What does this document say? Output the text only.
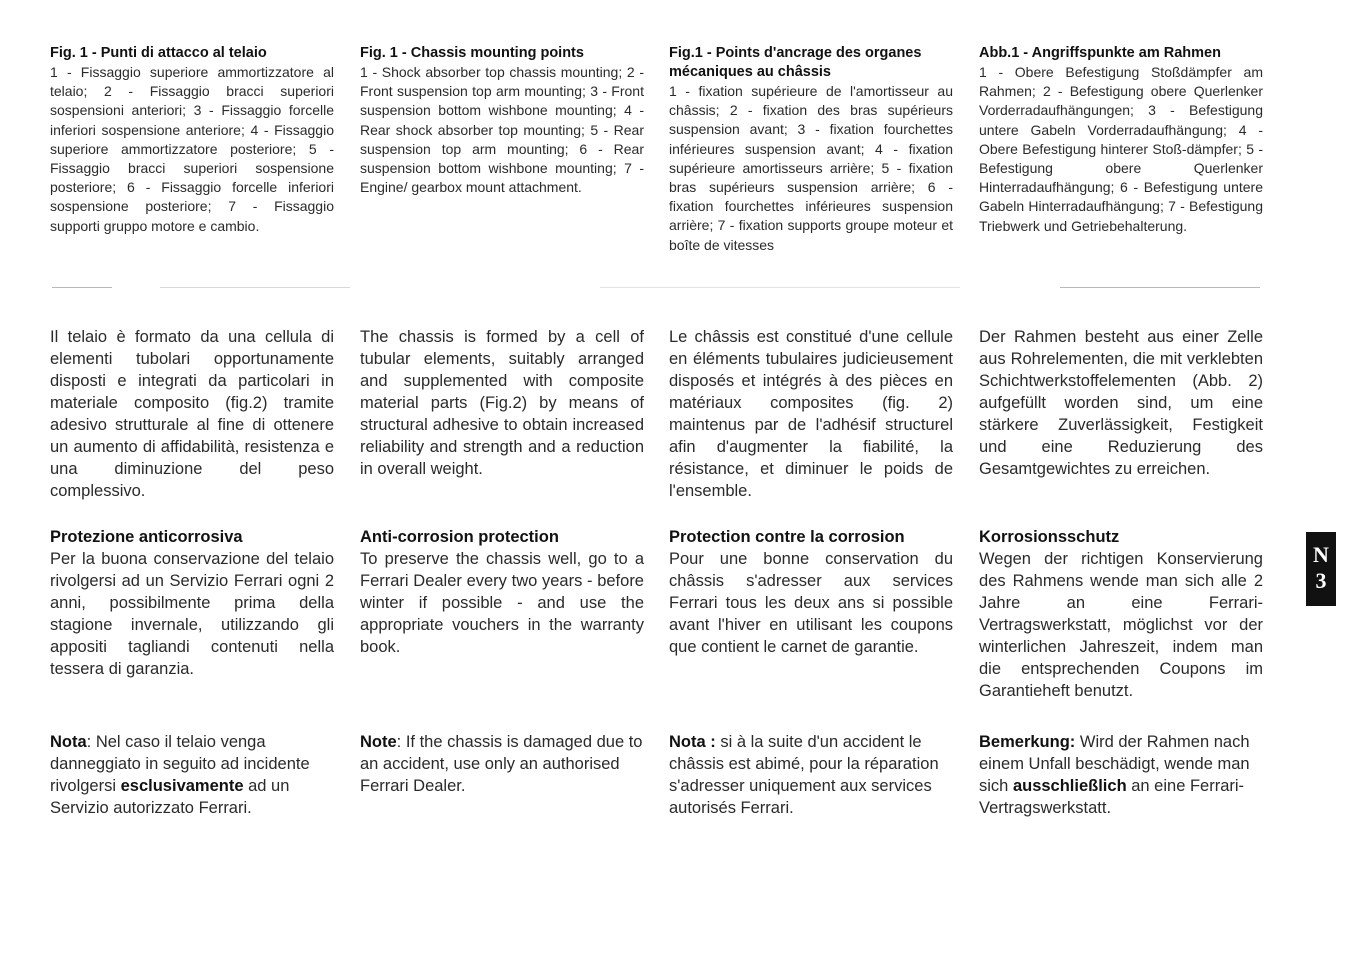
Fig. 1 - Punti di attacco al telaio
1 - Fissaggio superiore ammortizzatore al telaio; 2 - Fissaggio bracci superiori sospensioni anteriori; 3 - Fissaggio forcelle inferiori sospensione anteriore; 4 - Fissaggio superiore ammortizzatore posteriore; 5 - Fissaggio bracci superiori sospensione posteriore; 6 - Fissaggio forcelle inferiori sospensione posteriore; 7 - Fissaggio supporti gruppo motore e cambio.
Fig. 1 - Chassis mounting points
1 - Shock absorber top chassis mounting; 2 - Front suspension top arm mounting; 3 - Front suspension bottom wishbone mounting; 4 - Rear shock absorber top mounting; 5 - Rear suspension top arm mounting; 6 - Rear suspension bottom wishbone mounting; 7 - Engine/ gearbox mount attachment.
Fig.1 - Points d'ancrage des organes mécaniques au châssis
1 - fixation supérieure de l'amortisseur au châssis; 2 - fixation des bras supérieurs suspension avant; 3 - fixation fourchettes inférieures suspension avant; 4 - fixation supérieure amortisseurs arrière; 5 - fixation bras supérieurs suspension arrière; 6 - fixation fourchettes inférieures suspension arrière; 7 - fixation supports groupe moteur et boîte de vitesses
Abb.1 - Angriffspunkte am Rahmen
1 - Obere Befestigung Stoßdämpfer am Rahmen; 2 - Befestigung obere Querlenker Vorderradaufhängungen; 3 - Befestigung untere Gabeln Vorderradaufhängung; 4 - Obere Befestigung hinterer Stoß-dämpfer; 5 - Befestigung obere Querlenker Hinterradaufhängung; 6 - Befestigung untere Gabeln Hinterradaufhängung; 7 - Befestigung Triebwerk und Getriebehalterung.
Il telaio è formato da una cellula di elementi tubolari opportunamente disposti e integrati da particolari in materiale composito (fig.2) tramite adesivo strutturale al fine di ottenere un aumento di affidabilità, resistenza e una diminuzione del peso complessivo.
The chassis is formed by a cell of tubular elements, suitably arranged and supplemented with composite material parts (Fig.2) by means of structural adhesive to obtain increased reliability and strength and a reduction in overall weight.
Le châssis est constitué d'une cellule en éléments tubulaires judicieusement disposés et intégrés à des pièces en matériaux composites (fig. 2) maintenus par de l'adhésif structurel afin d'augmenter la fiabilité, la résistance, et diminuer le poids de l'ensemble.
Der Rahmen besteht aus einer Zelle aus Rohrelementen, die mit verklebten Schichtwerkstoffelementen (Abb. 2) aufgefüllt worden sind, um eine stärkere Zuverlässigkeit, Festigkeit und eine Reduzierung des Gesamtgewichtes zu erreichen.
Protezione anticorrosiva
Per la buona conservazione del telaio rivolgersi ad un Servizio Ferrari ogni 2 anni, possibilmente prima della stagione invernale, utilizzando gli appositi tagliandi contenuti nella tessera di garanzia.
Anti-corrosion protection
To preserve the chassis well, go to a Ferrari Dealer every two years - before winter if possible - and use the appropriate vouchers in the warranty book.
Protection contre la corrosion
Pour une bonne conservation du châssis s'adresser aux services Ferrari tous les deux ans si possible avant l'hiver en utilisant les coupons que contient le carnet de garantie.
Korrosionsschutz
Wegen der richtigen Konservierung des Rahmens wende man sich alle 2 Jahre an eine Ferrari-Vertragswerkstatt, möglichst vor der winterlichen Jahreszeit, indem man die entsprechenden Coupons im Garantieheft benutzt.
Nota: Nel caso il telaio venga danneggiato in seguito ad incidente rivolgersi esclusivamente ad un Servizio autorizzato Ferrari.
Note: If the chassis is damaged due to an accident, use only an authorised Ferrari Dealer.
Nota : si à la suite d'un accident le châssis est abimé, pour la réparation s'adresser uniquement aux services autorisés Ferrari.
Bemerkung: Wird der Rahmen nach einem Unfall beschädigt, wende man sich ausschließlich an eine Ferrari-Vertragswerkstatt.
N
3
